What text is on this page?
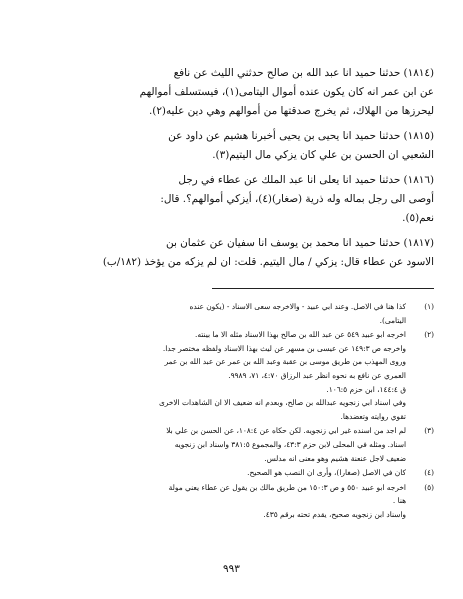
(١٨١٤) حدثنا حميد انا عبد الله بن صالح حدثني الليث عن نافع
عن ابن عمر انه كان يكون عنده أموال اليتامى(١)، فيستسلف أموالهم
ليحرزها من الهلاك، ثم يخرج صدقتها من أموالهم وهي دين عليه(٢).

(١٨١٥) حدثنا حميد انا يحيى بن يحيى أخبرنا هشيم عن داود عن
الشعبي ان الحسن بن علي كان يزكي مال اليتيم(٣).

(١٨١٦) حدثنا حميد انا يعلى انا عبد الملك عن عطاء في رجل
أوصى الى رجل بماله وله ذرية (صغار)(٤)، أيزكي أموالهم؟. قال:
نعم(٥).

(١٨١٧) حدثنا حميد انا محمد بن يوسف انا سفيان عن عثمان بن
الاسود عن عطاء قال: يزكي / مال اليتيم. قلت: ان لم يزكه من يؤخذ (١٨٢/ب)

(١)
كذا هنا في الاصل. وعند ابي عبيد - والاخرجه سعى الاسناد - (يكون عنده
اليتامى).
(٢)
اخرجه ابو عبيد ٥٤٩ عن عبد الله بن صالح بهذا الاسناد مثله الا ما بينته.
واخرجه ص ١٤٩:٣ عن عيسى بن مسهر عن ليث بهذا الاسناد ولفظه مختصر جدا.
وروى المهذب من طريق موسى بن عقبة وعبد الله بن عمر عن عبد الله بن عمر
العمري عن نافع به نحوه انظر عبد الرزاق ٤:٧٠، ٧١، ٩٩٨٩.
ق ١٤٤:٤، ابن حزم ١٠٦:٥.
وفي اسناد ابي زنجويه عبدالله بن صالح، وبعدم انه ضعيف الا ان الشاهدات الاخرى
تقوي روايته وتعضدها.
(٣)
لم اجد من اسنده غير ابي زنجويه. لكن حكاه عن ١٠٨:٤، عن الحسن بن علي بلا
اسناد. ومثله في المحلى لابن حزم ٤٣:٣، والمجموع ٣٨١:٥ واسناد ابن زنجويه
ضعيف لاجل عنعنة هشيم وهو معنى انه مدلس.
(٤)
كان في الاصل (صغارا)، وأرى ان النصب هو الصحيح.
(٥)
اخرجه ابو عبيد ٥٥٠ و ص ١٥٠:٣ من طريق مالك بن يقول عن عطاء يعني مولة
هنا .
واسناد ابن زنجويه صحيح، يقدم تحته برقم ٤٣٥.
٩٩٣
